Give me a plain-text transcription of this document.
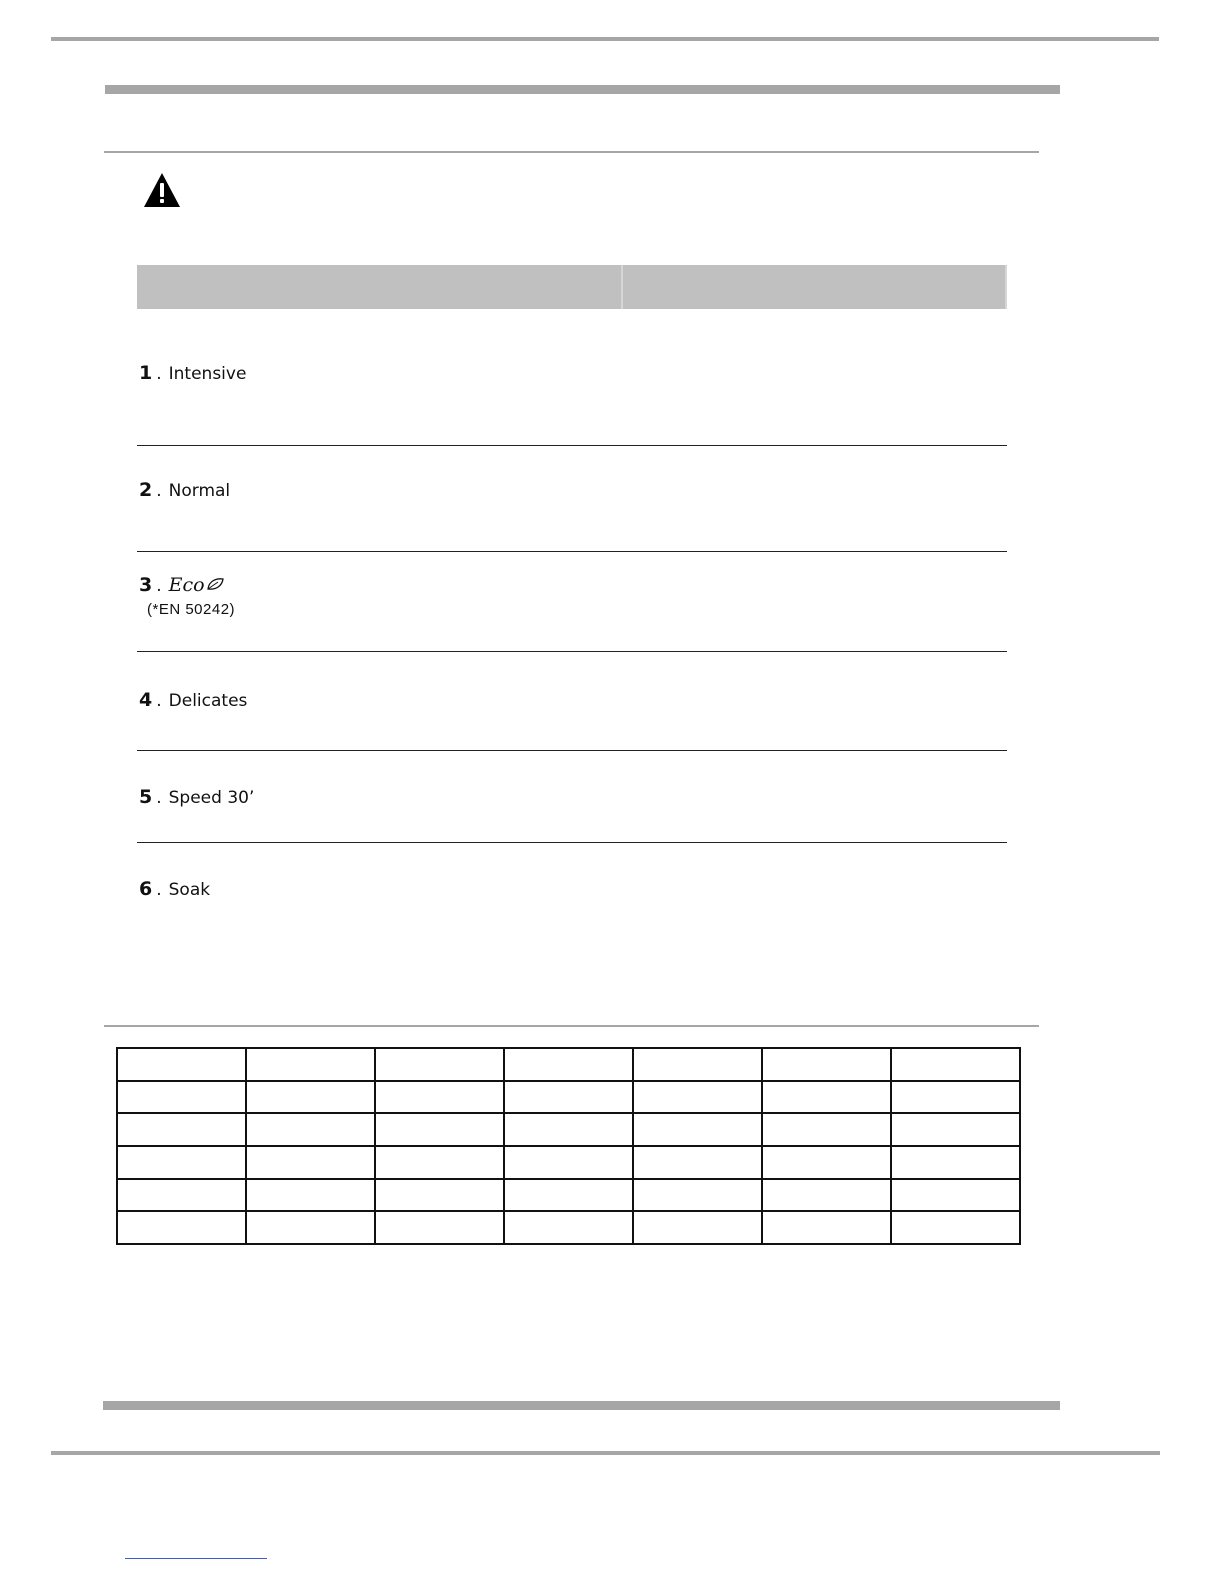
1 . Intensive
2 . Normal
3 . Eco
(*EN 50242)
4 . Delicates
5 . Speed 30’
6 . Soak
